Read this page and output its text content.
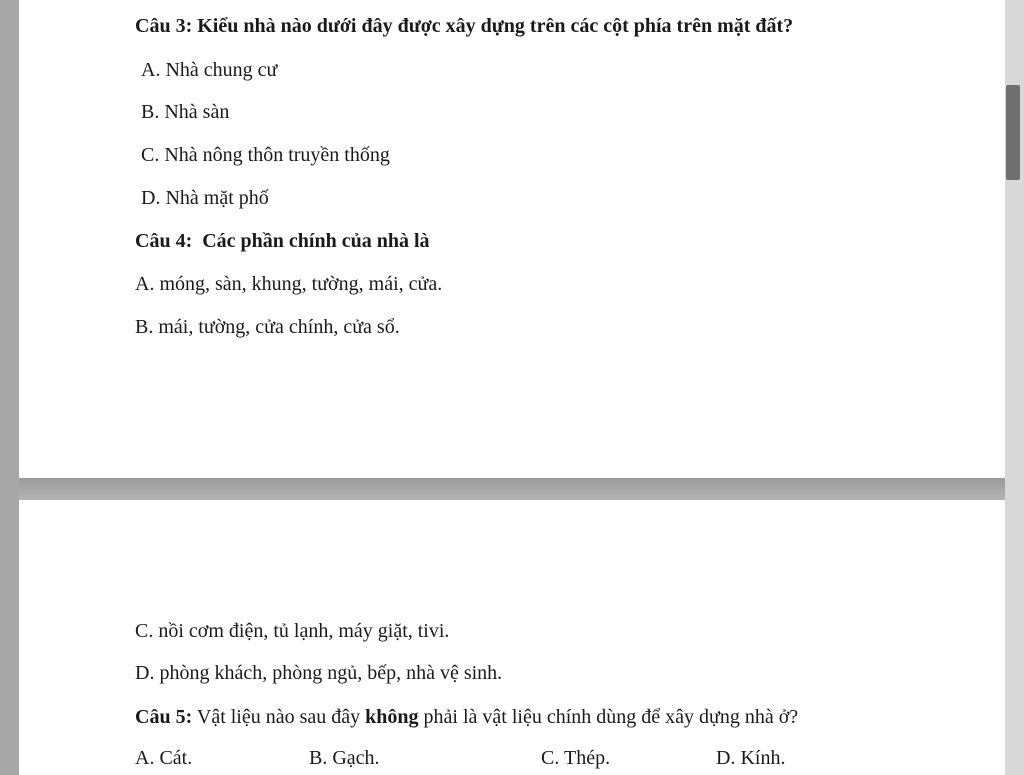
Câu 3: Kiểu nhà nào dưới đây được xây dựng trên các cột phía trên mặt đất?
A. Nhà chung cư
B. Nhà sàn
C. Nhà nông thôn truyền thống
D. Nhà mặt phố
Câu 4:  Các phần chính của nhà là
A. móng, sàn, khung, tường, mái, cửa.
B. mái, tường, cửa chính, cửa sổ.
C. nồi cơm điện, tủ lạnh, máy giặt, tivi.
D. phòng khách, phòng ngủ, bếp, nhà vệ sinh.
Câu 5: Vật liệu nào sau đây không phải là vật liệu chính dùng để xây dựng nhà ở?
A. Cát.	B. Gạch.	C. Thép.	D. Kính.
